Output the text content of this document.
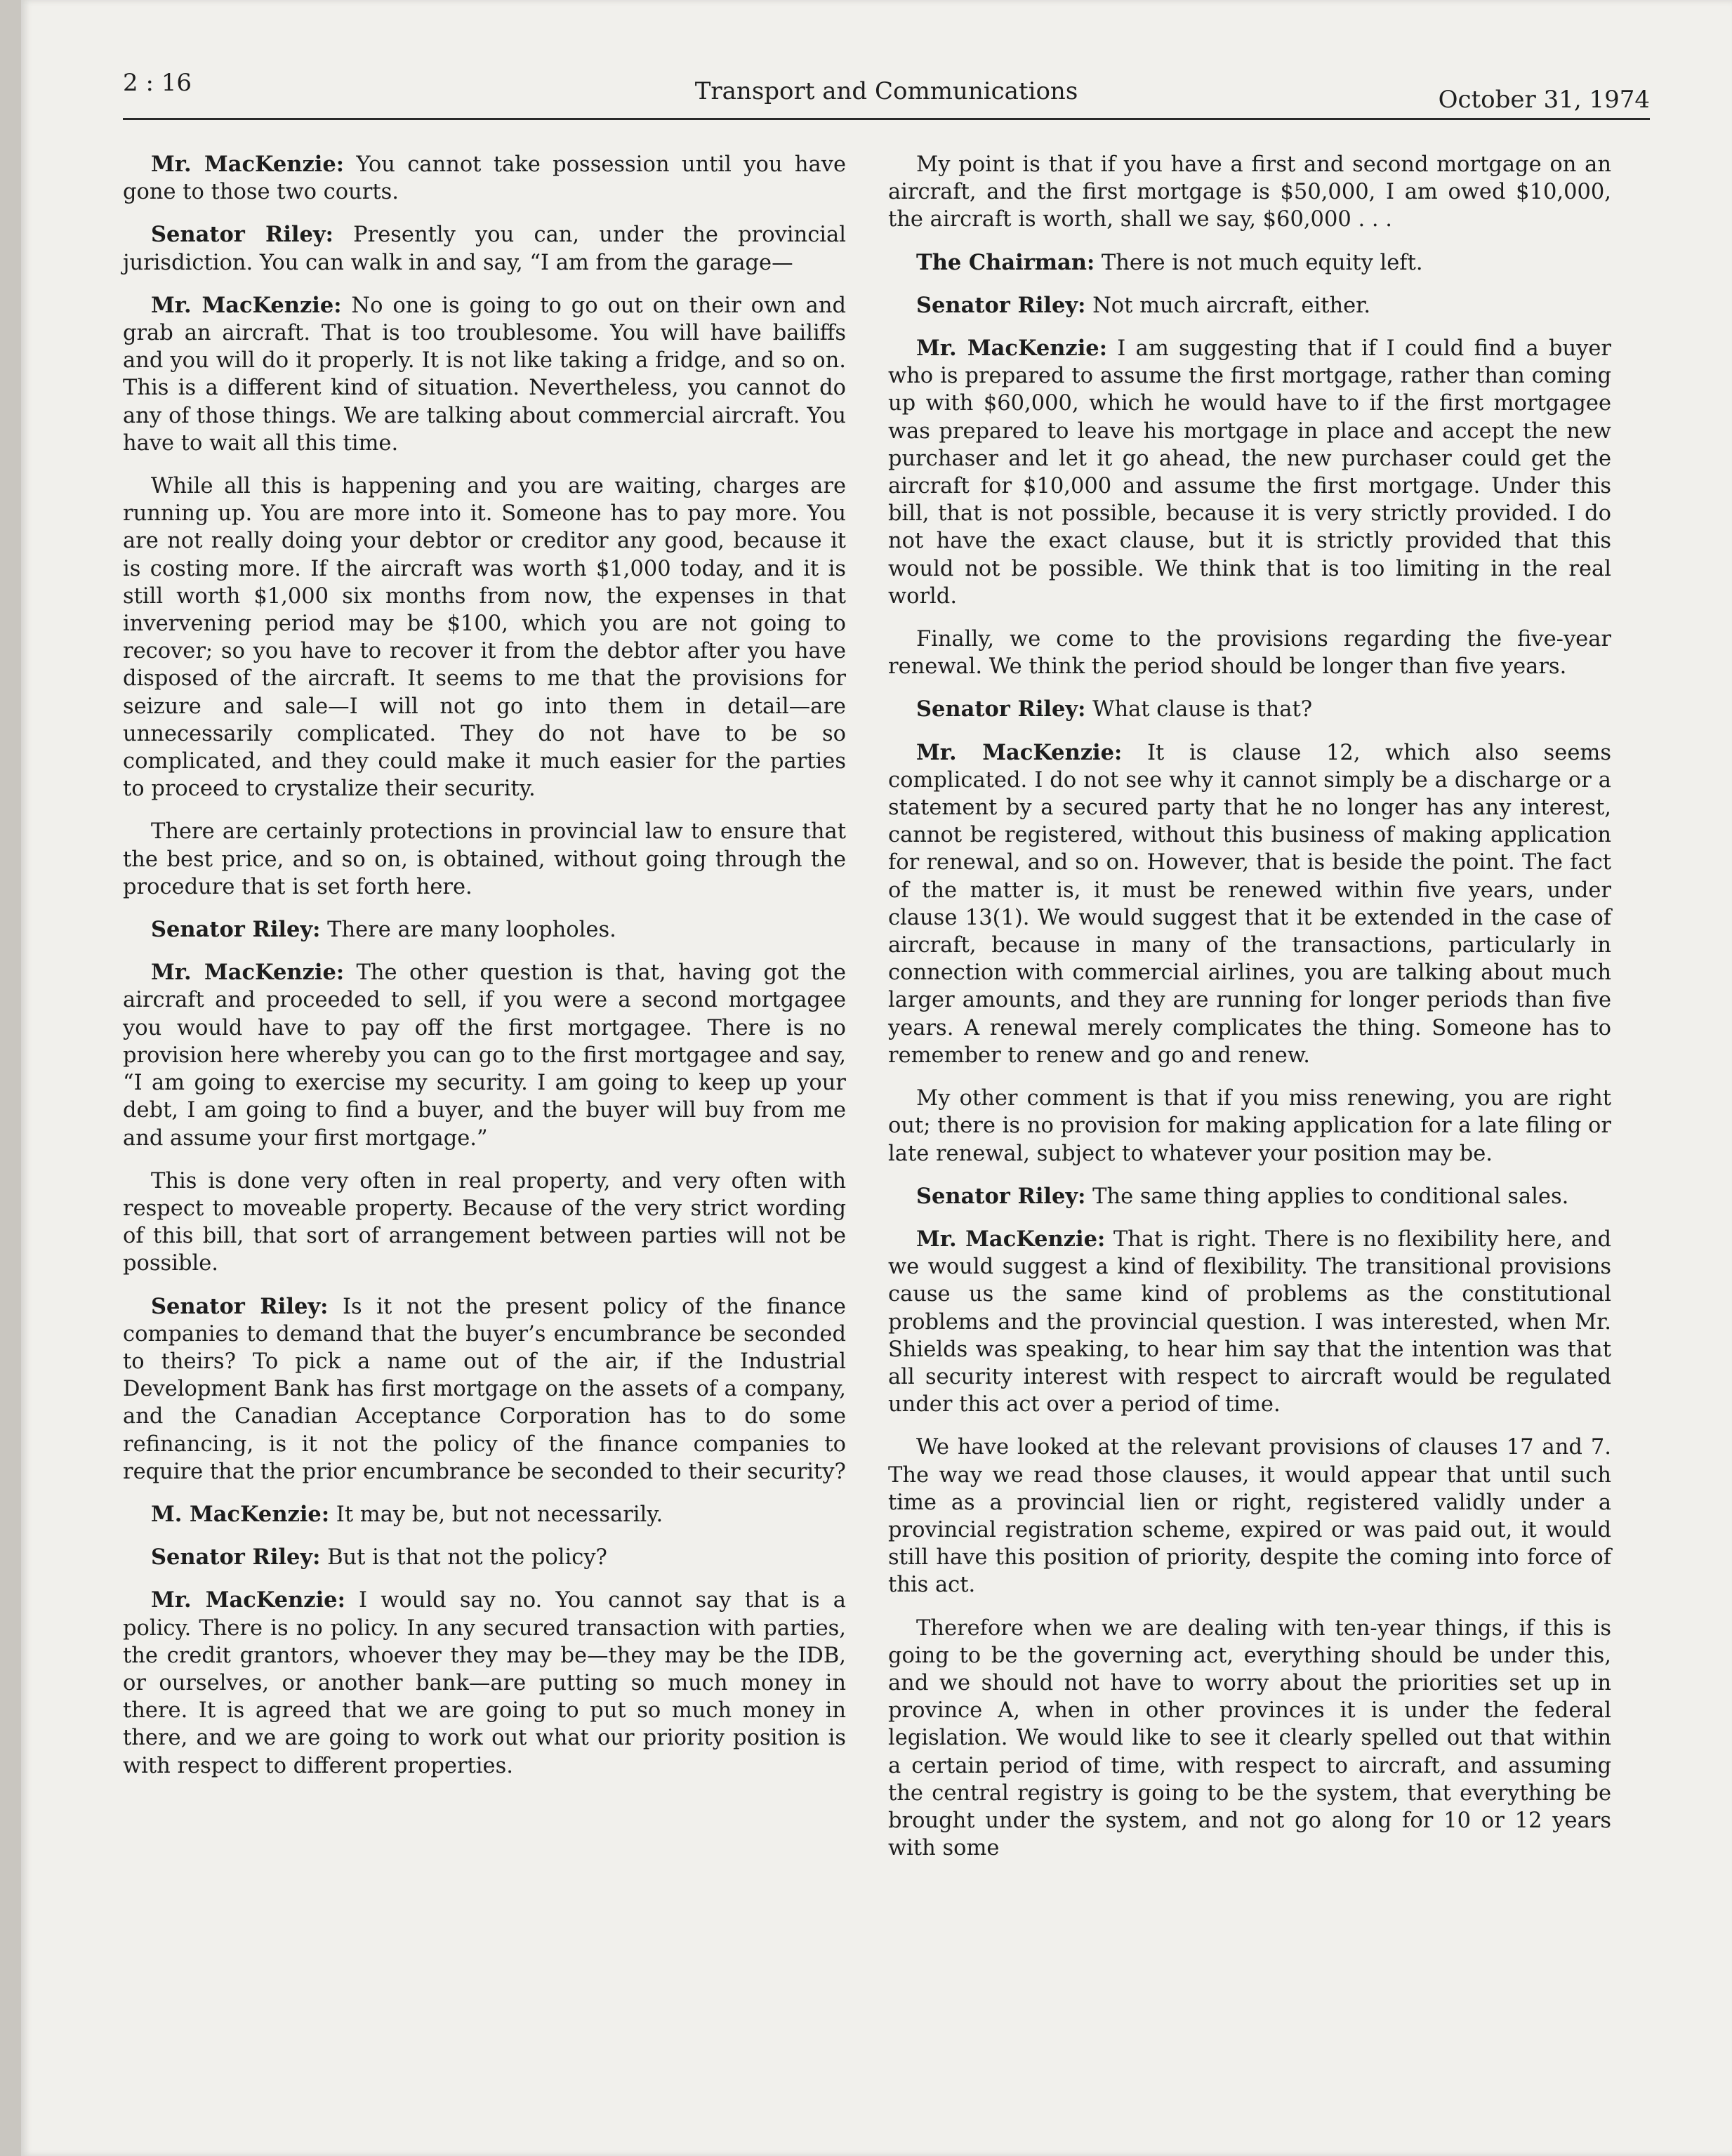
2 : 16	Transport and Communications	October 31, 1974

Mr. MacKenzie: You cannot take possession until you have gone to those two courts.

Senator Riley: Presently you can, under the provincial jurisdiction. You can walk in and say, “I am from the garage—

Mr. MacKenzie: No one is going to go out on their own and grab an aircraft. That is too troublesome. You will have bailiffs and you will do it properly. It is not like taking a fridge, and so on. This is a different kind of situation. Nevertheless, you cannot do any of those things. We are talking about commercial aircraft. You have to wait all this time.

While all this is happening and you are waiting, charges are running up. You are more into it. Someone has to pay more. You are not really doing your debtor or creditor any good, because it is costing more. If the aircraft was worth $1,000 today, and it is still worth $1,000 six months from now, the expenses in that invervening period may be $100, which you are not going to recover; so you have to recover it from the debtor after you have disposed of the aircraft. It seems to me that the provisions for seizure and sale—I will not go into them in detail—are unnecessarily complicated. They do not have to be so complicated, and they could make it much easier for the parties to proceed to crystalize their security.

There are certainly protections in provincial law to ensure that the best price, and so on, is obtained, without going through the procedure that is set forth here.

Senator Riley: There are many loopholes.

Mr. MacKenzie: The other question is that, having got the aircraft and proceeded to sell, if you were a second mortgagee you would have to pay off the first mortgagee. There is no provision here whereby you can go to the first mortgagee and say, “I am going to exercise my security. I am going to keep up your debt, I am going to find a buyer, and the buyer will buy from me and assume your first mortgage.”

This is done very often in real property, and very often with respect to moveable property. Because of the very strict wording of this bill, that sort of arrangement between parties will not be possible.

Senator Riley: Is it not the present policy of the finance companies to demand that the buyer’s encumbrance be seconded to theirs? To pick a name out of the air, if the Industrial Development Bank has first mortgage on the assets of a company, and the Canadian Acceptance Corporation has to do some refinancing, is it not the policy of the finance companies to require that the prior encumbrance be seconded to their security?

M. MacKenzie: It may be, but not necessarily.

Senator Riley: But is that not the policy?

Mr. MacKenzie: I would say no. You cannot say that is a policy. There is no policy. In any secured transaction with parties, the credit grantors, whoever they may be—they may be the IDB, or ourselves, or another bank—are putting so much money in there. It is agreed that we are going to put so much money in there, and we are going to work out what our priority position is with respect to different properties.

My point is that if you have a first and second mortgage on an aircraft, and the first mortgage is $50,000, I am owed $10,000, the aircraft is worth, shall we say, $60,000 . . .

The Chairman: There is not much equity left.

Senator Riley: Not much aircraft, either.

Mr. MacKenzie: I am suggesting that if I could find a buyer who is prepared to assume the first mortgage, rather than coming up with $60,000, which he would have to if the first mortgagee was prepared to leave his mortgage in place and accept the new purchaser and let it go ahead, the new purchaser could get the aircraft for $10,000 and assume the first mortgage. Under this bill, that is not possible, because it is very strictly provided. I do not have the exact clause, but it is strictly provided that this would not be possible. We think that is too limiting in the real world.

Finally, we come to the provisions regarding the five-year renewal. We think the period should be longer than five years.

Senator Riley: What clause is that?

Mr. MacKenzie: It is clause 12, which also seems complicated. I do not see why it cannot simply be a discharge or a statement by a secured party that he no longer has any interest, cannot be registered, without this business of making application for renewal, and so on. However, that is beside the point. The fact of the matter is, it must be renewed within five years, under clause 13(1). We would suggest that it be extended in the case of aircraft, because in many of the transactions, particularly in connection with commercial airlines, you are talking about much larger amounts, and they are running for longer periods than five years. A renewal merely complicates the thing. Someone has to remember to renew and go and renew.

My other comment is that if you miss renewing, you are right out; there is no provision for making application for a late filing or late renewal, subject to whatever your position may be.

Senator Riley: The same thing applies to conditional sales.

Mr. MacKenzie: That is right. There is no flexibility here, and we would suggest a kind of flexibility. The transitional provisions cause us the same kind of problems as the constitutional problems and the provincial question. I was interested, when Mr. Shields was speaking, to hear him say that the intention was that all security interest with respect to aircraft would be regulated under this act over a period of time.

We have looked at the relevant provisions of clauses 17 and 7. The way we read those clauses, it would appear that until such time as a provincial lien or right, registered validly under a provincial registration scheme, expired or was paid out, it would still have this position of priority, despite the coming into force of this act.

Therefore when we are dealing with ten-year things, if this is going to be the governing act, everything should be under this, and we should not have to worry about the priorities set up in province A, when in other provinces it is under the federal legislation. We would like to see it clearly spelled out that within a certain period of time, with respect to aircraft, and assuming the central registry is going to be the system, that everything be brought under the system, and not go along for 10 or 12 years with some
